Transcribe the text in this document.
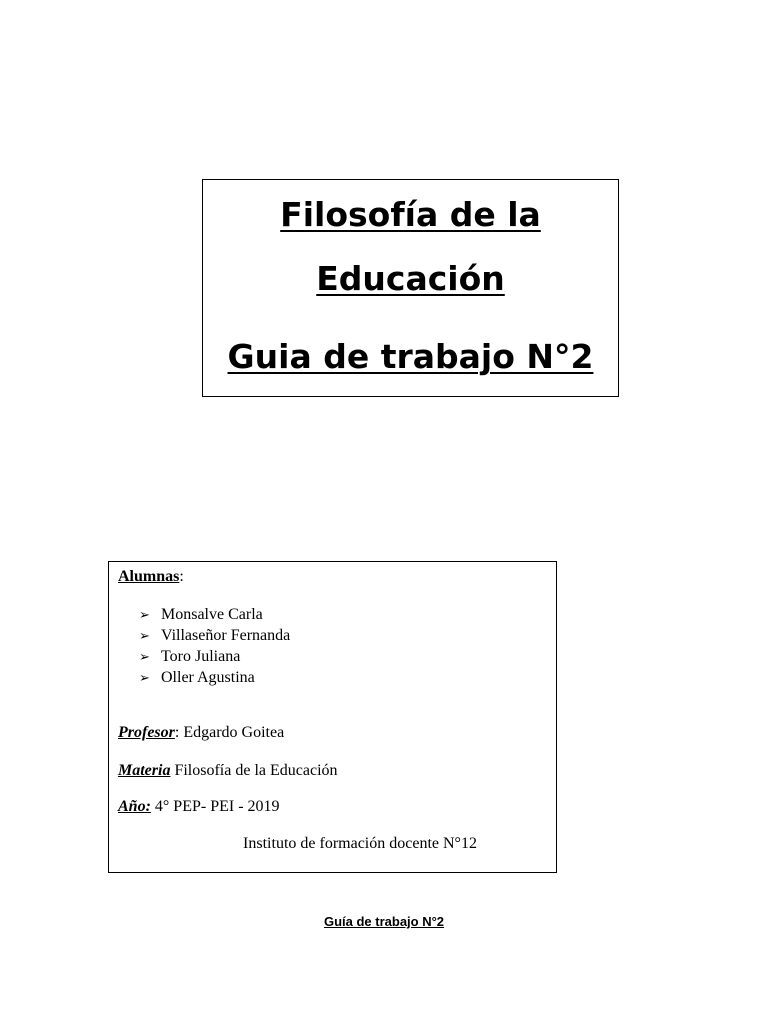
Filosofía de la
Educación
Guia de trabajo N°2
Alumnas:
➢ Monsalve Carla
➢ Villaseñor Fernanda
➢ Toro Juliana
➢ Oller Agustina
Profesor: Edgardo Goitea
Materia Filosofía de la Educación
Año: 4° PEP- PEI - 2019
Instituto de formación docente N°12
Guía de trabajo N°2
